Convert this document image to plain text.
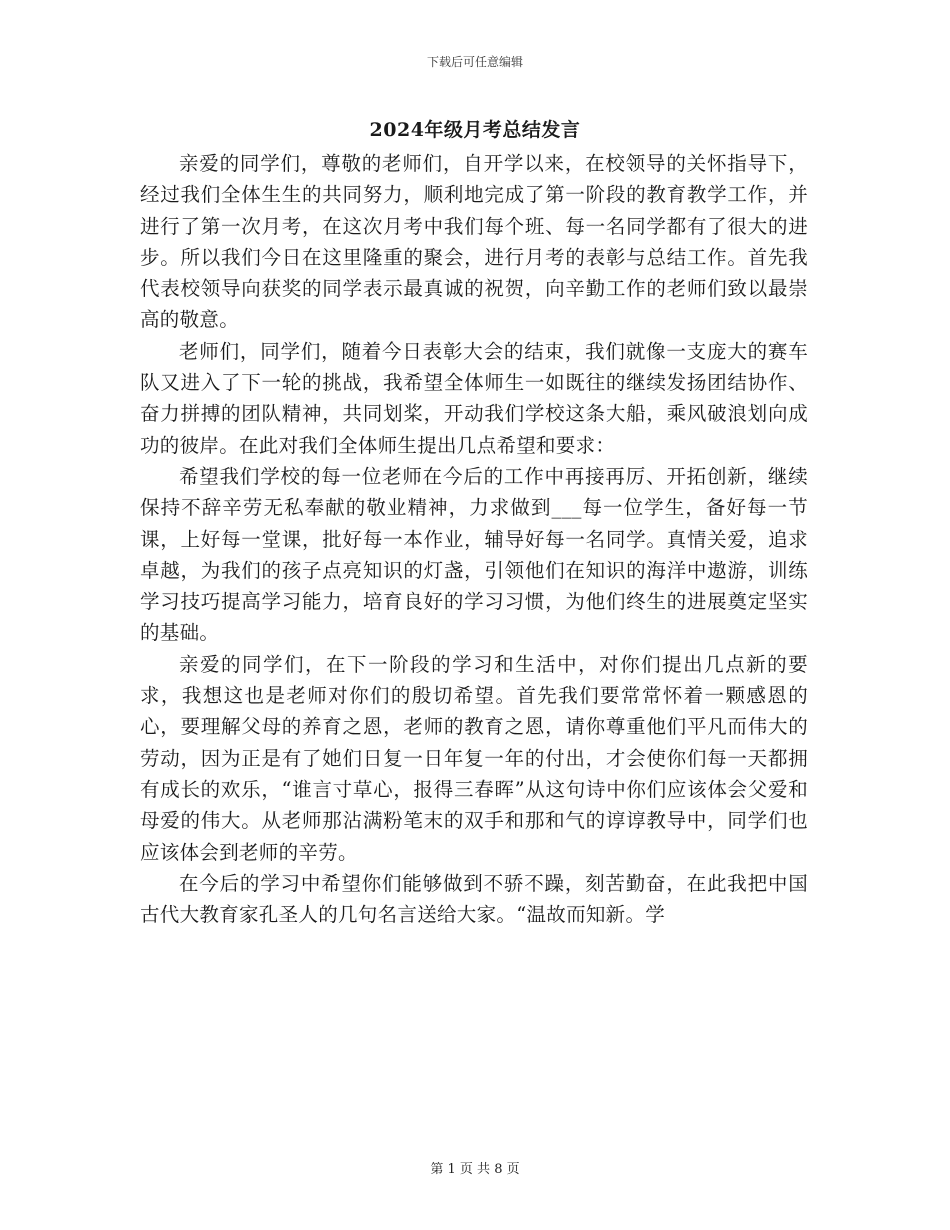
下载后可任意编辑
2024年级月考总结发言

亲爱的同学们，尊敬的老师们，自开学以来，在校领导的关怀指导下，经过我们全体生生的共同努力，顺利地完成了第一阶段的教育教学工作，并进行了第一次月考，在这次月考中我们每个班、每一名同学都有了很大的进步。所以我们今日在这里隆重的聚会，进行月考的表彰与总结工作。首先我代表校领导向获奖的同学表示最真诚的祝贺，向辛勤工作的老师们致以最崇高的敬意。

老师们，同学们，随着今日表彰大会的结束，我们就像一支庞大的赛车队又进入了下一轮的挑战，我希望全体师生一如既往的继续发扬团结协作、奋力拼搏的团队精神，共同划桨，开动我们学校这条大船，乘风破浪划向成功的彼岸。在此对我们全体师生提出几点希望和要求：

希望我们学校的每一位老师在今后的工作中再接再厉、开拓创新，继续保持不辞辛劳无私奉献的敬业精神，力求做到___每一位学生，备好每一节课，上好每一堂课，批好每一本作业，辅导好每一名同学。真情关爱，追求卓越，为我们的孩子点亮知识的灯盏，引领他们在知识的海洋中遨游，训练学习技巧提高学习能力，培育良好的学习习惯，为他们终生的进展奠定坚实的基础。

亲爱的同学们，在下一阶段的学习和生活中，对你们提出几点新的要求，我想这也是老师对你们的殷切希望。首先我们要常常怀着一颗感恩的心，要理解父母的养育之恩，老师的教育之恩，请你尊重他们平凡而伟大的劳动，因为正是有了她们日复一日年复一年的付出，才会使你们每一天都拥有成长的欢乐，“谁言寸草心，报得三春晖”从这句诗中你们应该体会父爱和母爱的伟大。从老师那沾满粉笔末的双手和那和气的谆谆教导中，同学们也应该体会到老师的辛劳。

在今后的学习中希望你们能够做到不骄不躁，刻苦勤奋，在此我把中国古代大教育家孔圣人的几句名言送给大家。“温故而知新。学

第 1 页 共 8 页
